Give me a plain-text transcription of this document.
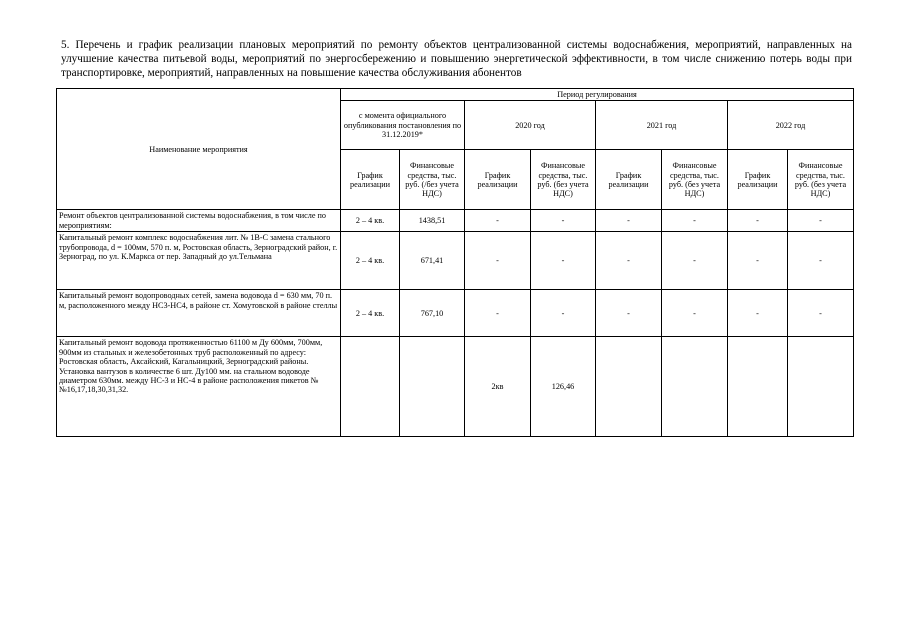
5. Перечень и график реализации плановых мероприятий по ремонту объектов централизованной системы водоснабжения, мероприятий, направленных на улучшение качества питьевой воды, мероприятий по энергосбережению и повышению энергетической эффективности, в том числе снижению потерь воды при транспортировке, мероприятий, направленных на повышение качества обслуживания абонентов
Наименование мероприятия	Период регулирования							
	с момента официального опубликования постановления по 31.12.2019*		2020 год		2021 год		2022 год	
	График реализации	Финансовые средства, тыс. руб. (/без учета НДС)	График реализации	Финансовые средства, тыс. руб. (без учета НДС)	График реализации	Финансовые средства, тыс. руб. (без учета НДС)	График реализации	Финансовые средства, тыс. руб. (без учета НДС)
Ремонт объектов централизованной системы водоснабжения, в том числе по мероприятиям:	2 – 4 кв.	1438,51	-	-	-	-	-	-
Капитальный ремонт комплекс водоснабжения лит. № 1В-С замена стального трубопровода, d = 100мм, 570 п. м, Ростовская область, Зерноградский район, г. Зерноград, по ул. К.Маркса от пер. Западный до ул.Тельмана	2 – 4 кв.	671,41	-	-	-	-	-	-
Капитальный ремонт водопроводных сетей, замена водовода d = 630 мм, 70 п. м, расположенного между НС3-НС4, в районе ст. Хомутовской в районе стеллы	2 – 4 кв.	767,10	-	-	-	-	-	-
Капитальный ремонт водовода протяженностью 61100 м Ду 600мм, 700мм, 900мм из стальных и железобетонных труб расположенный по адресу: Ростовская область, Аксайский, Кагальницкий, Зерноградский районы. Установка вантузов в количестве 6 шт. Ду100 мм. на стальном водоводе диаметром 630мм. между НС-3 и НС-4 в районе расположения пикетов №№16,17,18,30,31,32.			2кв	126,46				
